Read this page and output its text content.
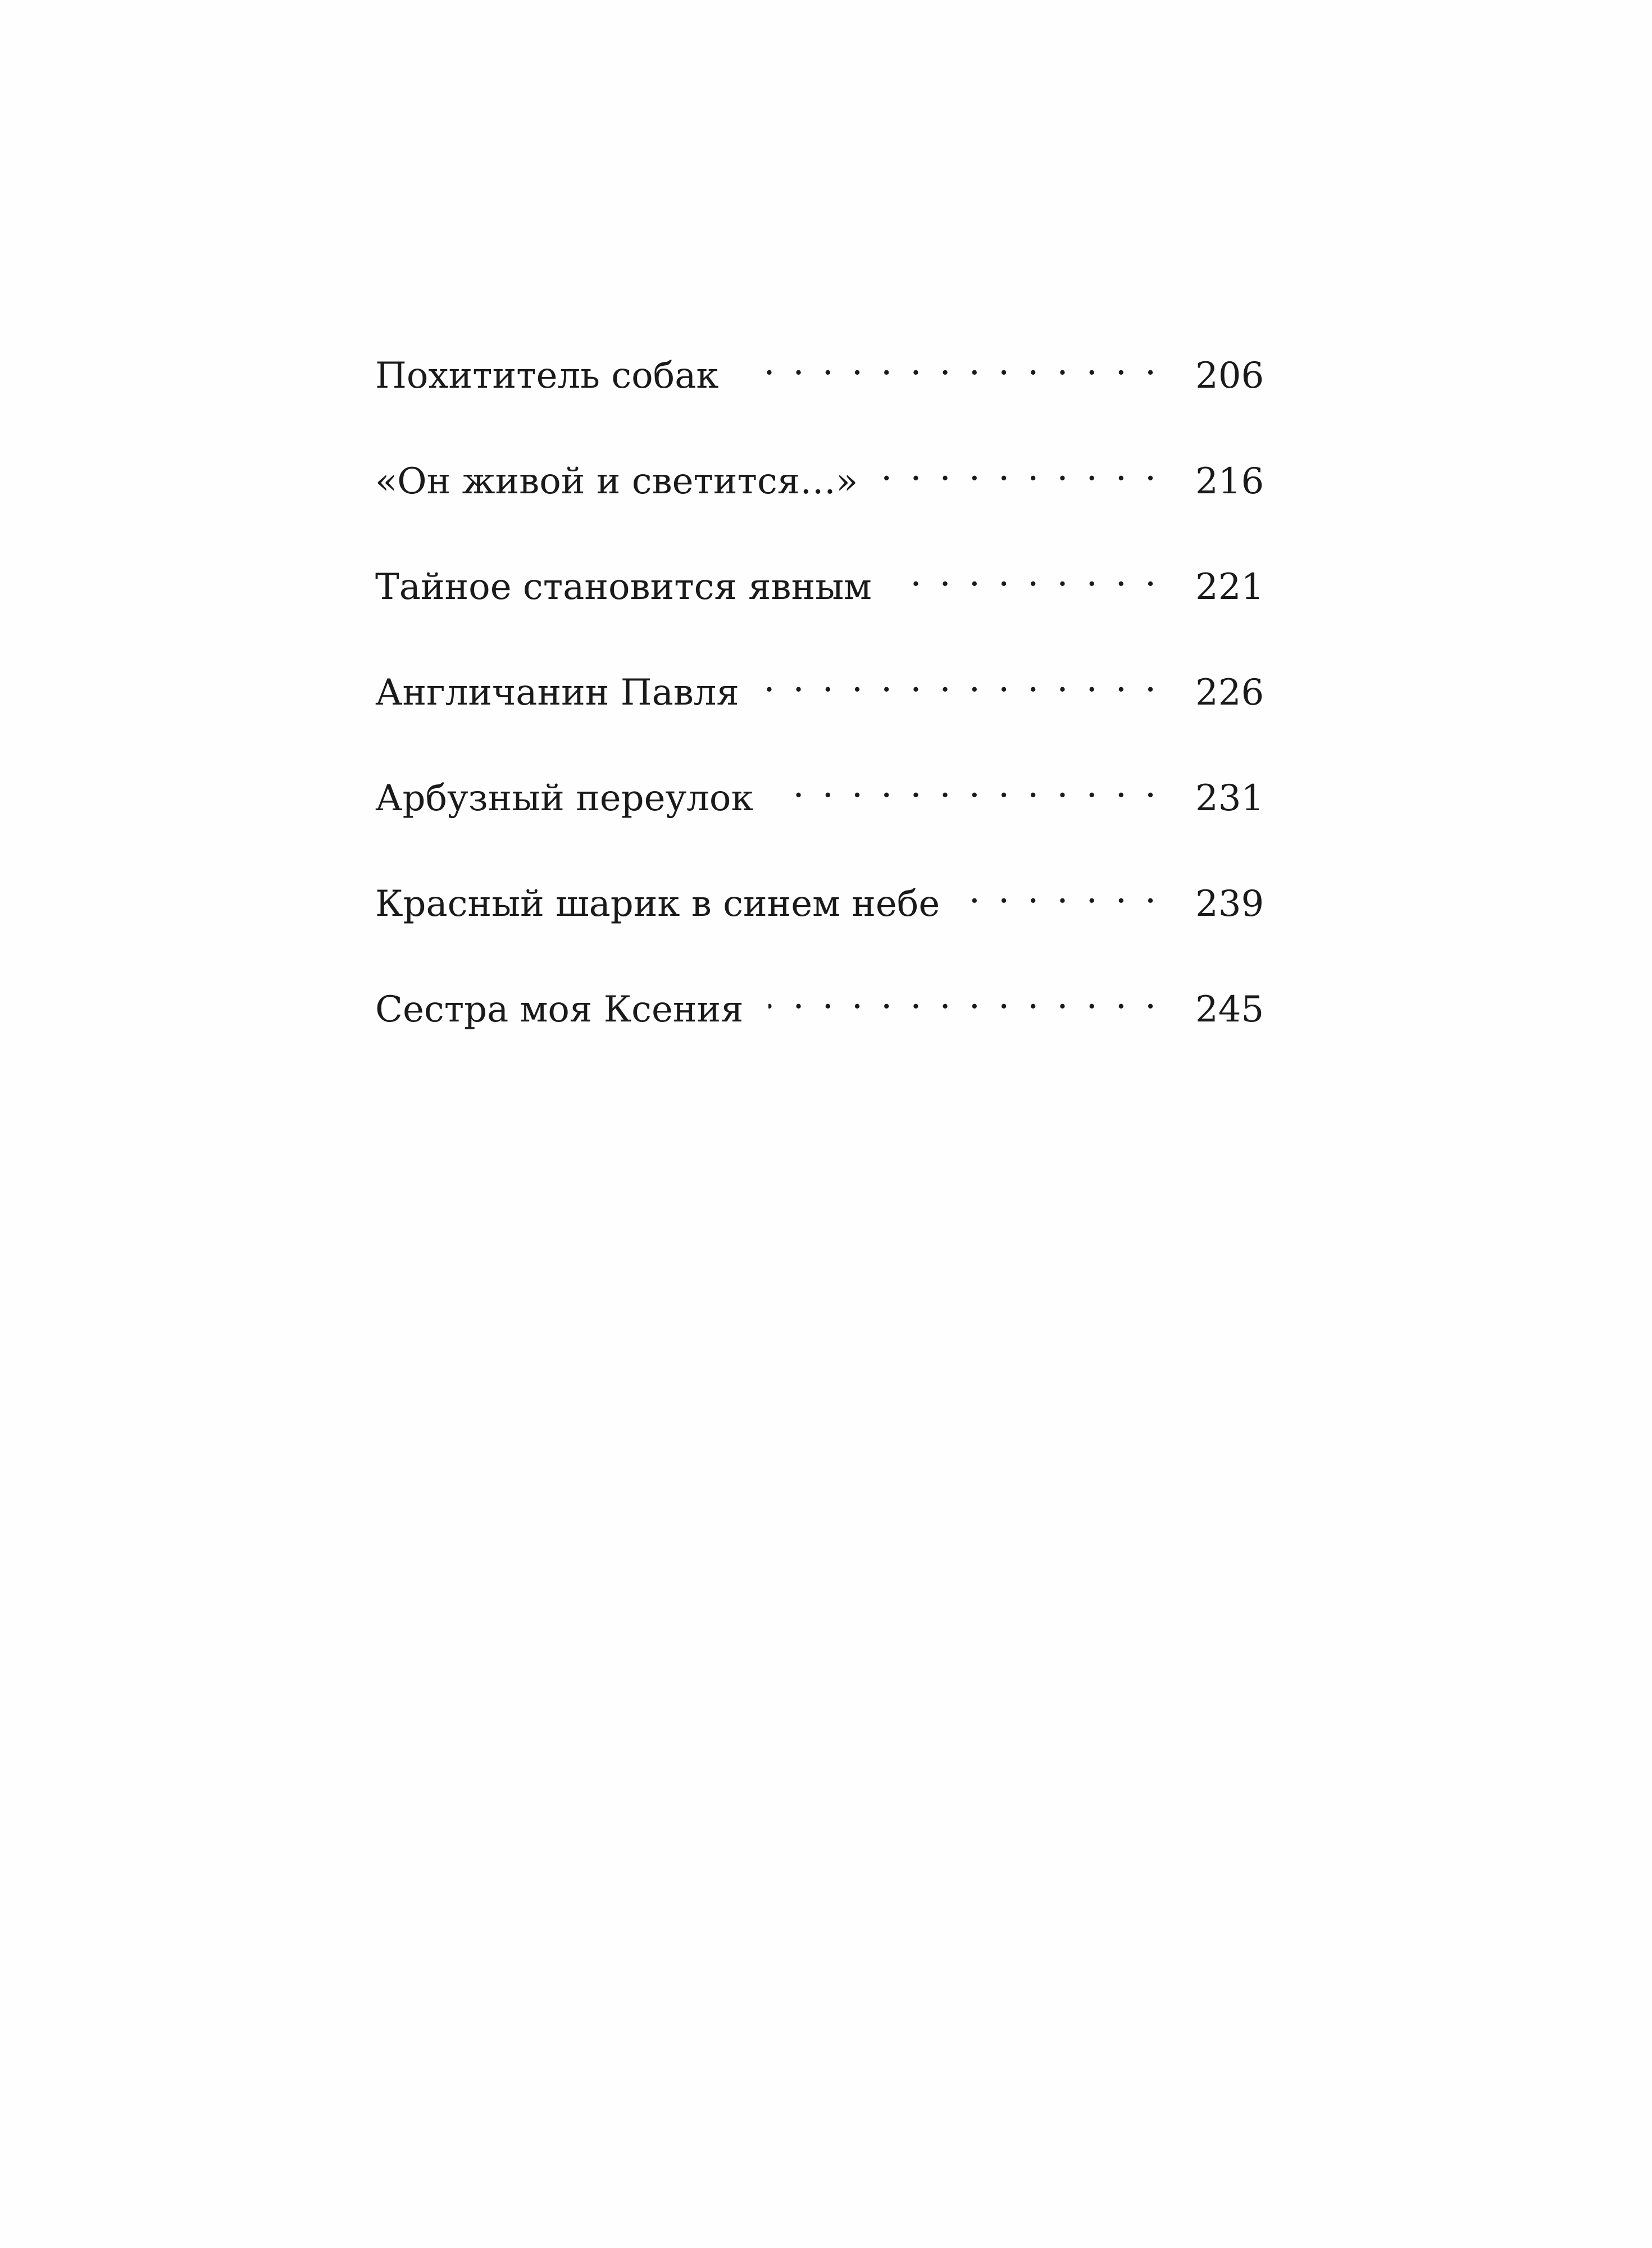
Похититель собак . . .	206
«Он живой и светится…» . . .	216
Тайное становится явным . . .	221
Англичанин Павля . . .	226
Арбузный переулок . . .	231
Красный шарик в синем небе . . .	239
Сестра моя Ксения . . .	245
